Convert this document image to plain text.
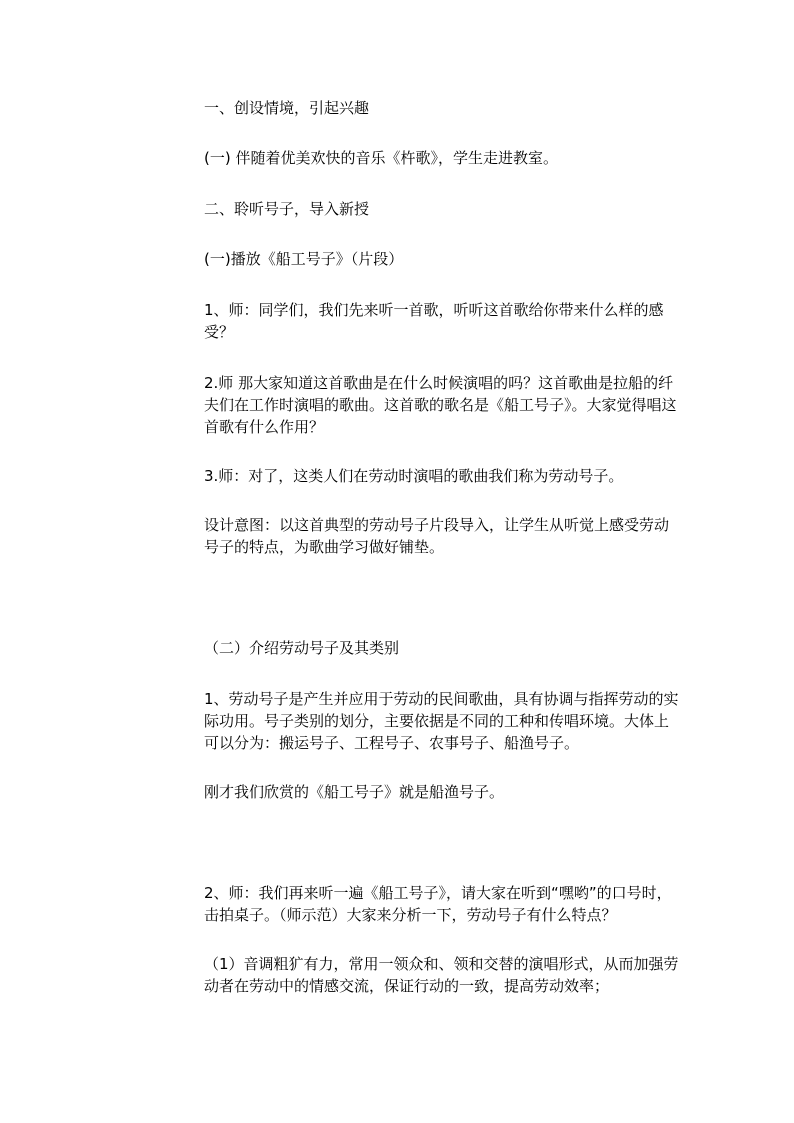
一、创设情境，引起兴趣

(一) 伴随着优美欢快的音乐《杵歌》，学生走进教室。

二、聆听号子，导入新授

(一)播放《船工号子》（片段）

1、师：同学们，我们先来听一首歌，听听这首歌给你带来什么样的感受？

2.师 那大家知道这首歌曲是在什么时候演唱的吗？这首歌曲是拉船的纤夫们在工作时演唱的歌曲。这首歌的歌名是《船工号子》。大家觉得唱这首歌有什么作用？

3.师：对了，这类人们在劳动时演唱的歌曲我们称为劳动号子。

设计意图：以这首典型的劳动号子片段导入，让学生从听觉上感受劳动号子的特点，为歌曲学习做好铺垫。

（二）介绍劳动号子及其类别

1、劳动号子是产生并应用于劳动的民间歌曲，具有协调与指挥劳动的实际功用。号子类别的划分，主要依据是不同的工种和传唱环境。大体上可以分为：搬运号子、工程号子、农事号子、船渔号子。

刚才我们欣赏的《船工号子》就是船渔号子。

2、师：我们再来听一遍《船工号子》，请大家在听到“嘿哟”的口号时，击拍桌子。（师示范）大家来分析一下，劳动号子有什么特点？

（1）音调粗犷有力，常用一领众和、领和交替的演唱形式，从而加强劳动者在劳动中的情感交流，保证行动的一致，提高劳动效率；
